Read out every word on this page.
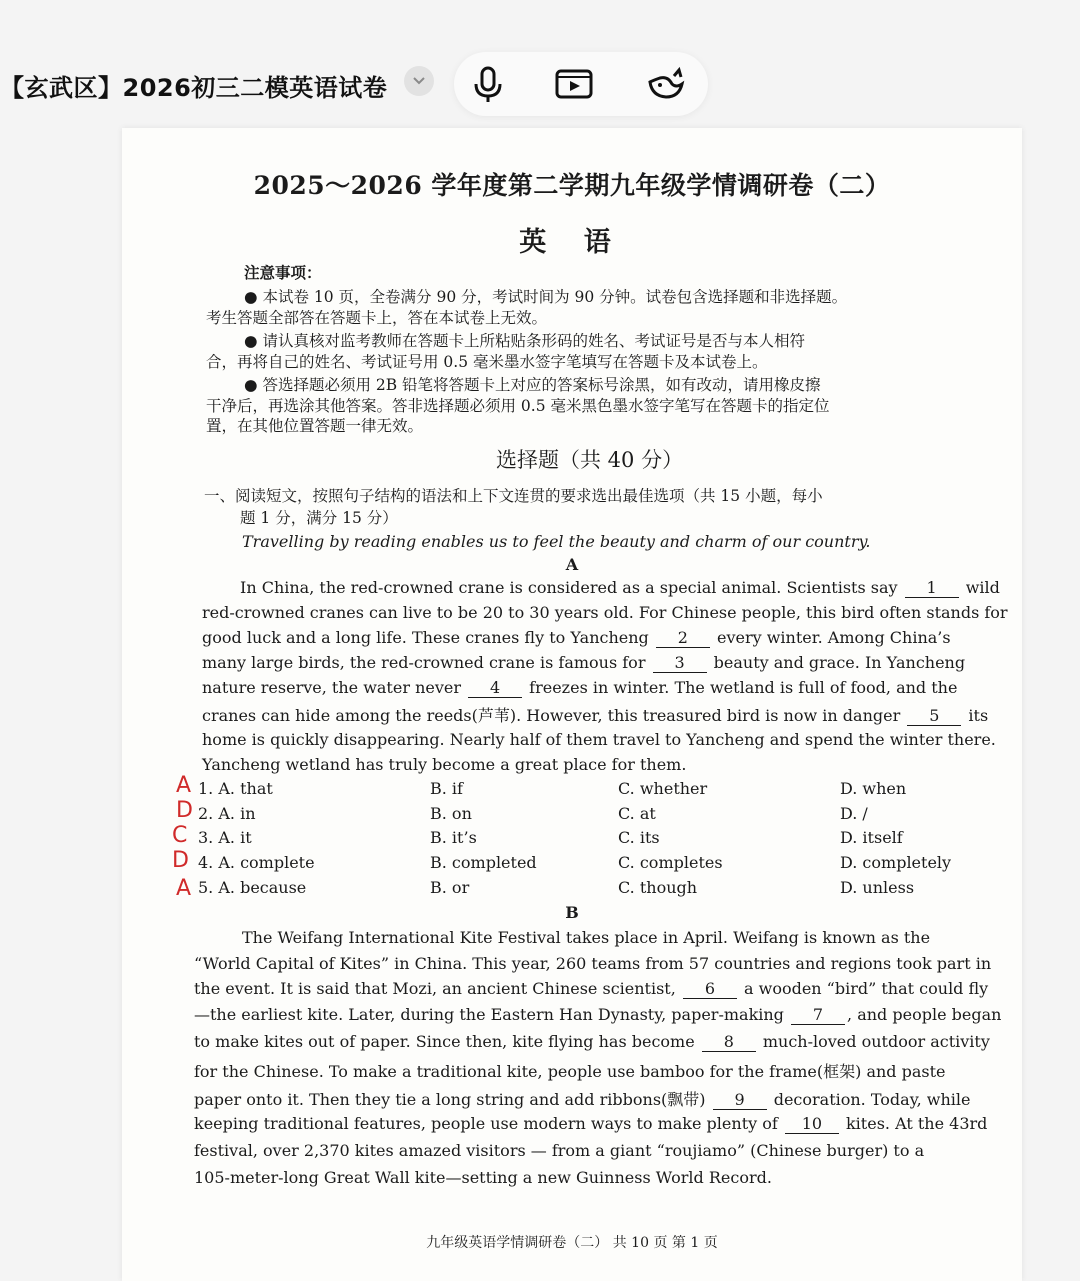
【玄武区】2026初三二模英语试卷
2025～2026 学年度第二学期九年级学情调研卷（二）
英 语
注意事项：
● 本试卷 10 页，全卷满分 90 分，考试时间为 90 分钟。试卷包含选择题和非选择题。
考生答题全部答在答题卡上，答在本试卷上无效。
● 请认真核对监考教师在答题卡上所粘贴条形码的姓名、考试证号是否与本人相符
合，再将自己的姓名、考试证号用 0.5 毫米墨水签字笔填写在答题卡及本试卷上。
● 答选择题必须用 2B 铅笔将答题卡上对应的答案标号涂黑，如有改动，请用橡皮擦
干净后，再选涂其他答案。答非选择题必须用 0.5 毫米黑色墨水签字笔写在答题卡的指定位
置，在其他位置答题一律无效。
选择题（共 40 分）
一、阅读短文，按照句子结构的语法和上下文连贯的要求选出最佳选项（共 15 小题，每小
题 1 分，满分 15 分）
Travelling by reading enables us to feel the beauty and charm of our country.
A
In China, the red-crowned crane is considered as a special animal. Scientists say 1 wild
red-crowned cranes can live to be 20 to 30 years old. For Chinese people, this bird often stands for
good luck and a long life. These cranes fly to Yancheng 2 every winter. Among China’s
many large birds, the red-crowned crane is famous for 3 beauty and grace. In Yancheng
nature reserve, the water never 4 freezes in winter. The wetland is full of food, and the
cranes can hide among the reeds(芦苇). However, this treasured bird is now in danger 5 its
home is quickly disappearing. Nearly half of them travel to Yancheng and spend the winter there.
Yancheng wetland has truly become a great place for them.
1. A. that	B. if	C. whether	D. when
2. A. in	B. on	C. at	D. /
3. A. it	B. it’s	C. its	D. itself
4. A. complete	B. completed	C. completes	D. completely
5. A. because	B. or	C. though	D. unless
A
D
C
D
A
B
The Weifang International Kite Festival takes place in April. Weifang is known as the
“World Capital of Kites” in China. This year, 260 teams from 57 countries and regions took part in
the event. It is said that Mozi, an ancient Chinese scientist, 6 a wooden “bird” that could fly
—the earliest kite. Later, during the Eastern Han Dynasty, paper-making 7 , and people began
to make kites out of paper. Since then, kite flying has become 8 much-loved outdoor activity
for the Chinese. To make a traditional kite, people use bamboo for the frame(框架) and paste
paper onto it. Then they tie a long string and add ribbons(飘带) 9 decoration. Today, while
keeping traditional features, people use modern ways to make plenty of 10 kites. At the 43rd
festival, over 2,370 kites amazed visitors — from a giant “roujiamo” (Chinese burger) to a
105-meter-long Great Wall kite—setting a new Guinness World Record.
九年级英语学情调研卷（二） 共 10 页 第 1 页
